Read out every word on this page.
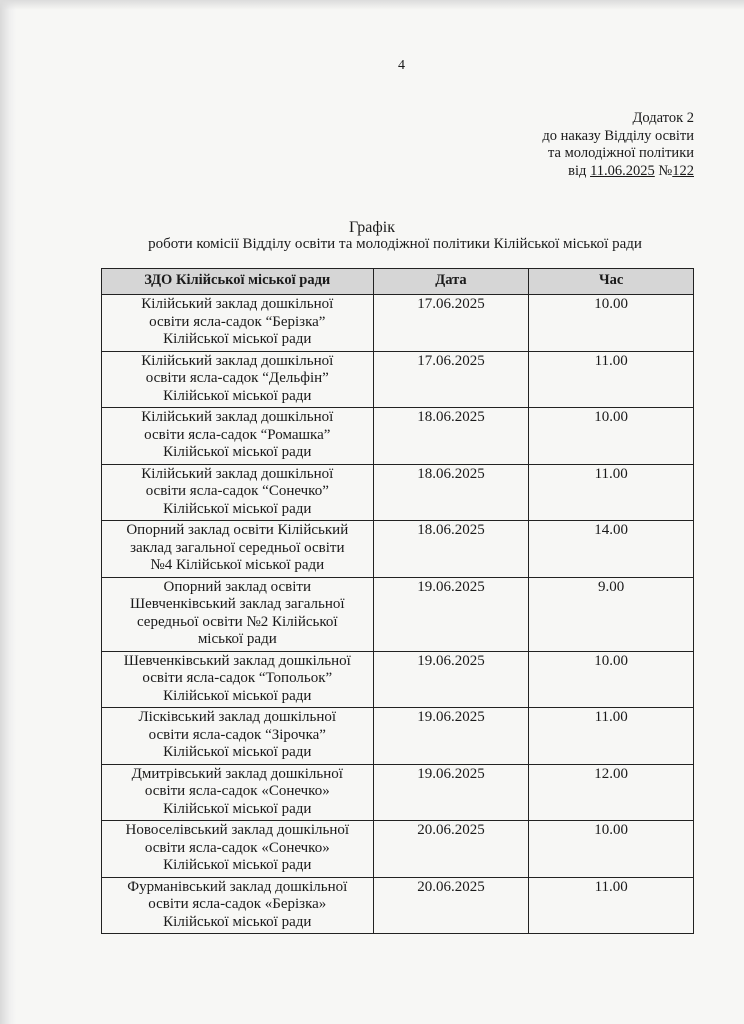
4
Додаток 2
до наказу Відділу освіти
та молодіжної політики
від 11.06.2025 №122
Графік
роботи комісії Відділу освіти та молодіжної політики Кілійської міської ради
ЗДО Кілійської міської ради	Дата	Час

Кілійський заклад дошкільної
освіти ясла-садок “Берізка”
Кілійської міської ради	17.06.2025	10.00

Кілійський заклад дошкільної
освіти ясла-садок “Дельфін”
Кілійської міської ради	17.06.2025	11.00

Кілійський заклад дошкільної
освіти ясла-садок “Ромашка”
Кілійської міської ради	18.06.2025	10.00

Кілійський заклад дошкільної
освіти ясла-садок “Сонечко”
Кілійської міської ради	18.06.2025	11.00

Опорний заклад освіти Кілійський
заклад загальної середньої освіти
№4 Кілійської міської ради	18.06.2025	14.00

Опорний заклад освіти
Шевченківський заклад загальної
середньої освіти №2 Кілійської
міської ради	19.06.2025	9.00

Шевченківський заклад дошкільної
освіти ясла-садок “Топольок”
Кілійської міської ради	19.06.2025	10.00

Лісківський заклад дошкільної
освіти ясла-садок “Зірочка”
Кілійської міської ради	19.06.2025	11.00

Дмитрівський заклад дошкільної
освіти ясла-садок «Сонечко»
Кілійської міської ради	19.06.2025	12.00

Новоселівський заклад дошкільної
освіти ясла-садок «Сонечко»
Кілійської міської ради	20.06.2025	10.00

Фурманівський заклад дошкільної
освіти ясла-садок «Берізка»
Кілійської міської ради	20.06.2025	11.00
